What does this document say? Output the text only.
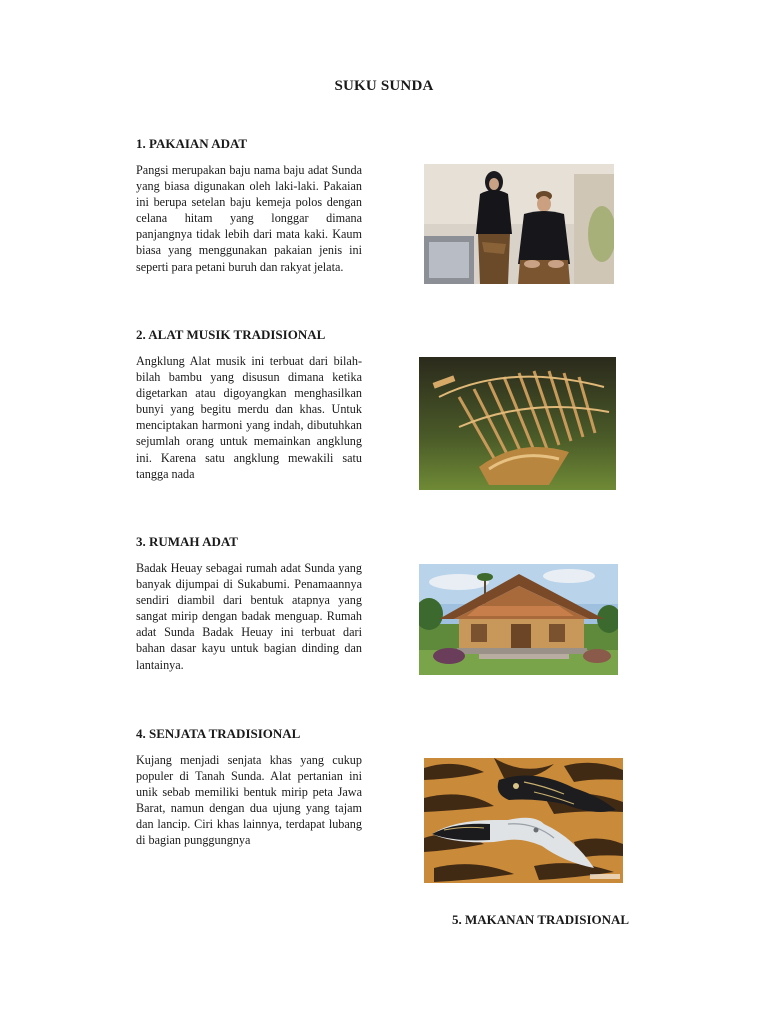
SUKU SUNDA
1. PAKAIAN ADAT

Pangsi merupakan baju nama baju adat Sunda yang biasa digunakan oleh laki-laki. Pakaian ini berupa setelan baju kemeja polos dengan celana hitam yang longgar dimana panjangnya tidak lebih dari mata kaki. Kaum biasa yang menggunakan pakaian jenis ini seperti para petani buruh dan rakyat jelata.

2. ALAT MUSIK TRADISIONAL

Angklung Alat musik ini terbuat dari bilah-bilah bambu yang disusun dimana ketika digetarkan atau digoyangkan menghasilkan bunyi yang begitu merdu dan khas. Untuk menciptakan harmoni yang indah, dibutuhkan sejumlah orang untuk memainkan angklung ini. Karena satu angklung mewakili satu tangga nada

3. RUMAH ADAT

Badak Heuay sebagai rumah adat Sunda yang banyak dijumpai di Sukabumi. Penamaannya sendiri diambil dari bentuk atapnya yang sangat mirip dengan badak menguap. Rumah adat Sunda Badak Heuay ini terbuat dari bahan dasar kayu untuk bagian dinding dan lantainya.

4. SENJATA TRADISIONAL

Kujang menjadi senjata khas yang cukup populer di Tanah Sunda. Alat pertanian ini unik sebab memiliki bentuk mirip peta Jawa Barat, namun dengan dua ujung yang tajam dan lancip. Ciri khas lainnya, terdapat lubang di bagian punggungnya

5. MAKANAN TRADISIONAL
